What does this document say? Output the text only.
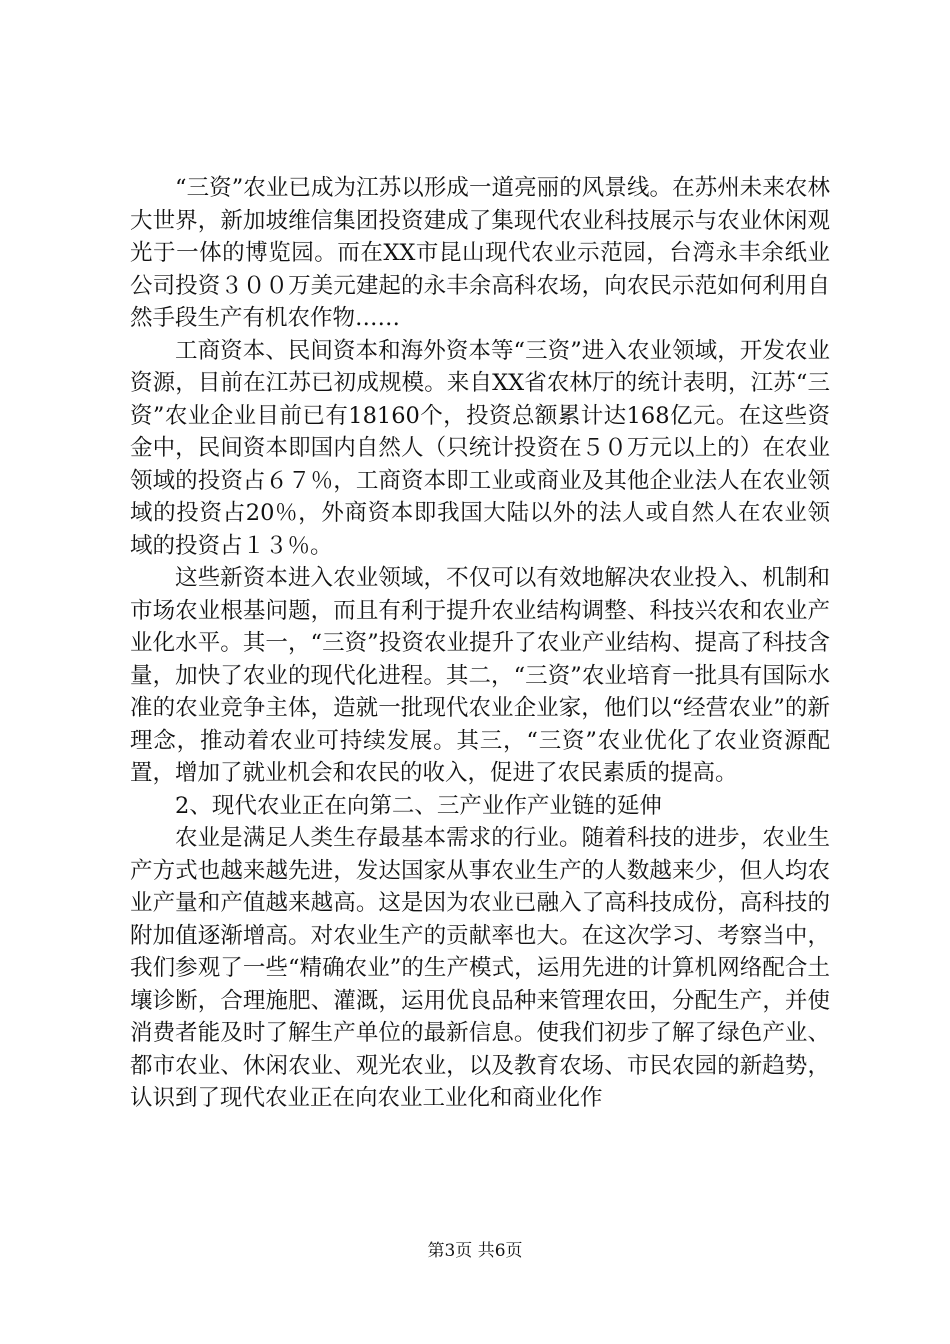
“三资”农业已成为江苏以形成一道亮丽的风景线。在苏州未来农林大世界，新加坡维信集团投资建成了集现代农业科技展示与农业休闲观光于一体的博览园。而在XX市昆山现代农业示范园，台湾永丰余纸业公司投资３００万美元建起的永丰余高科农场，向农民示范如何利用自然手段生产有机农作物……

工商资本、民间资本和海外资本等“三资”进入农业领域，开发农业资源，目前在江苏已初成规模。来自XX省农林厅的统计表明，江苏“三资”农业企业目前已有18160个，投资总额累计达168亿元。在这些资金中，民间资本即国内自然人（只统计投资在５０万元以上的）在农业领域的投资占６７％，工商资本即工业或商业及其他企业法人在农业领域的投资占20％，外商资本即我国大陆以外的法人或自然人在农业领域的投资占１３％。

这些新资本进入农业领域，不仅可以有效地解决农业投入、机制和市场农业根基问题，而且有利于提升农业结构调整、科技兴农和农业产业化水平。其一，“三资”投资农业提升了农业产业结构、提高了科技含量，加快了农业的现代化进程。其二，“三资”农业培育一批具有国际水准的农业竞争主体，造就一批现代农业企业家，他们以“经营农业”的新理念，推动着农业可持续发展。其三，“三资”农业优化了农业资源配置，增加了就业机会和农民的收入，促进了农民素质的提高。

2、现代农业正在向第二、三产业作产业链的延伸

农业是满足人类生存最基本需求的行业。随着科技的进步，农业生产方式也越来越先进，发达国家从事农业生产的人数越来少，但人均农业产量和产值越来越高。这是因为农业已融入了高科技成份，高科技的附加值逐渐增高。对农业生产的贡献率也大。在这次学习、考察当中，我们参观了一些“精确农业”的生产模式，运用先进的计算机网络配合土壤诊断，合理施肥、灌溉，运用优良品种来管理农田，分配生产，并使消费者能及时了解生产单位的最新信息。使我们初步了解了绿色产业、都市农业、休闲农业、观光农业，以及教育农场、市民农园的新趋势，认识到了现代农业正在向农业工业化和商业化作

第3页 共6页
